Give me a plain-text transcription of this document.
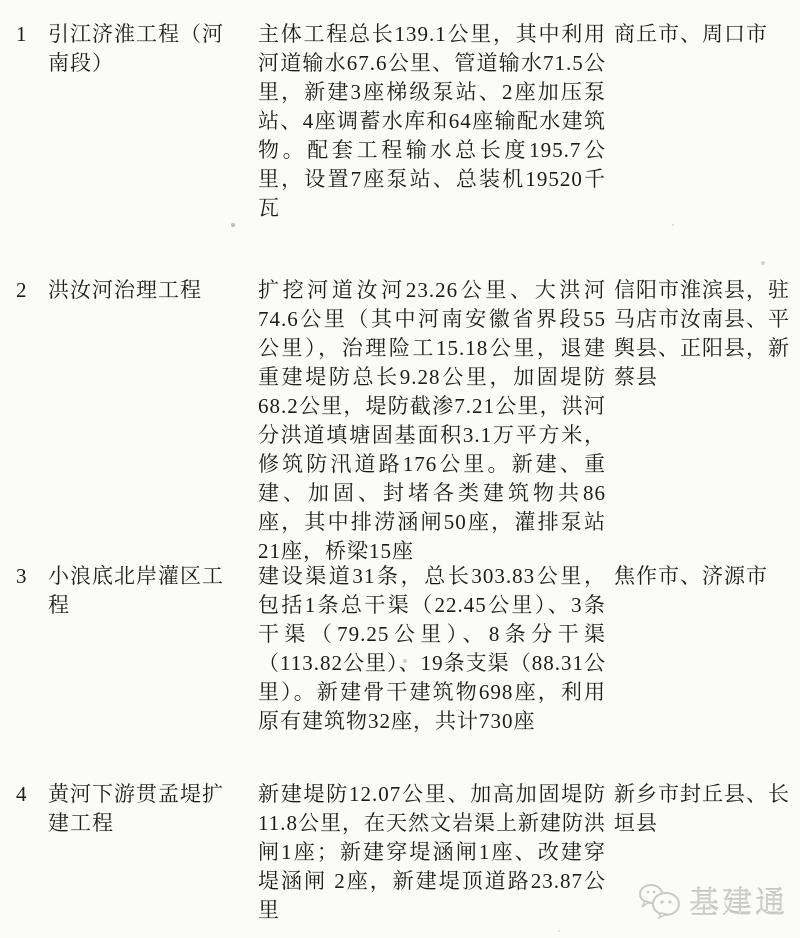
1 引江济淮工程（河南段）
主体工程总长139.1公里，其中利用河道输水67.6公里、管道输水71.5公里，新建3座梯级泵站、2座加压泵站、4座调蓄水库和64座输配水建筑物。配套工程输水总长度195.7公里，设置7座泵站、总装机19520千瓦
商丘市、周口市
2 洪汝河治理工程	扩挖河道汝河23.26公里、大洪河74.6公里（其中河南安徽省界段55公里），治理险工15.18公里，退建重建堤防总长9.28公里，加固堤防68.2公里，堤防截渗7.21公里，洪河分洪道填塘固基面积3.1万平方米，修筑防汛道路176公里。新建、重建、加固、封堵各类建筑物共86座，其中排涝涵闸50座，灌排泵站21座，桥梁15座
信阳市淮滨县，驻马店市汝南县、平舆县、正阳县，新蔡县
3 小浪底北岸灌区工程
建设渠道31条，总长303.83公里，包括1条总干渠（22.45公里）、3条干渠（79.25公里）、8条分干渠（113.82公里）、19条支渠（88.31公里）。新建骨干建筑物698座，利用原有建筑物32座，共计730座
焦作市、济源市
4 黄河下游贯孟堤扩建工程
新建堤防12.07公里、加高加固堤防11.8公里，在天然文岩渠上新建防洪闸1座；新建穿堤涵闸1座、改建穿堤涵闸 2座，新建堤顶道路23.87公里
新乡市封丘县、长垣县
基建通
